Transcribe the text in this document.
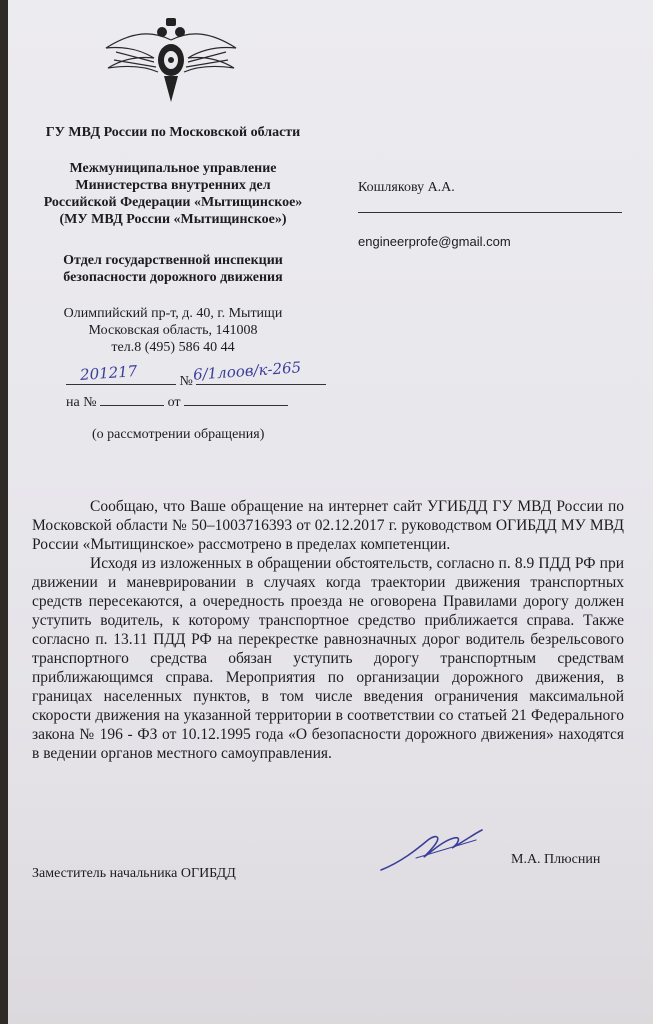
ГУ МВД России по Московской области
Межмуниципальное управление
Министерства внутренних дел
Российской Федерации «Мытищинское»
(МУ МВД России «Мытищинское»)
Отдел государственной инспекции
безопасности дорожного движения
Олимпийский пр-т, д. 40, г. Мытищи
Московская область, 141008
тел.8 (495) 586 40 44
№
201217	6/1лоов/к-265
на №	от
(о рассмотрении обращения)
Кошлякову А.А.
engineerprofe@gmail.com

Сообщаю, что Ваше обращение на интернет сайт УГИБДД ГУ МВД России по Московской области № 50–1003716393 от 02.12.2017 г. руководством ОГИБДД МУ МВД России «Мытищинское» рассмотрено в пределах компетенции.

Исходя из изложенных в обращении обстоятельств, согласно п. 8.9 ПДД РФ при движении и маневрировании в случаях когда траектории движения транспортных средств пересекаются, а очередность проезда не оговорена Правилами дорогу должен уступить водитель, к которому транспортное средство приближается справа. Также согласно п. 13.11 ПДД РФ на перекрестке равнозначных дорог водитель безрельсового транспортного средства обязан уступить дорогу транспортным средствам приближающимся справа. Мероприятия по организации дорожного движения, в границах населенных пунктов, в том числе введения ограничения максимальной скорости движения на указанной территории в соответствии со статьей 21 Федерального закона № 196 - ФЗ от 10.12.1995 года «О безопасности дорожного движения» находятся в ведении органов местного самоуправления.

Заместитель начальника ОГИБДД
М.А. Плюснин
